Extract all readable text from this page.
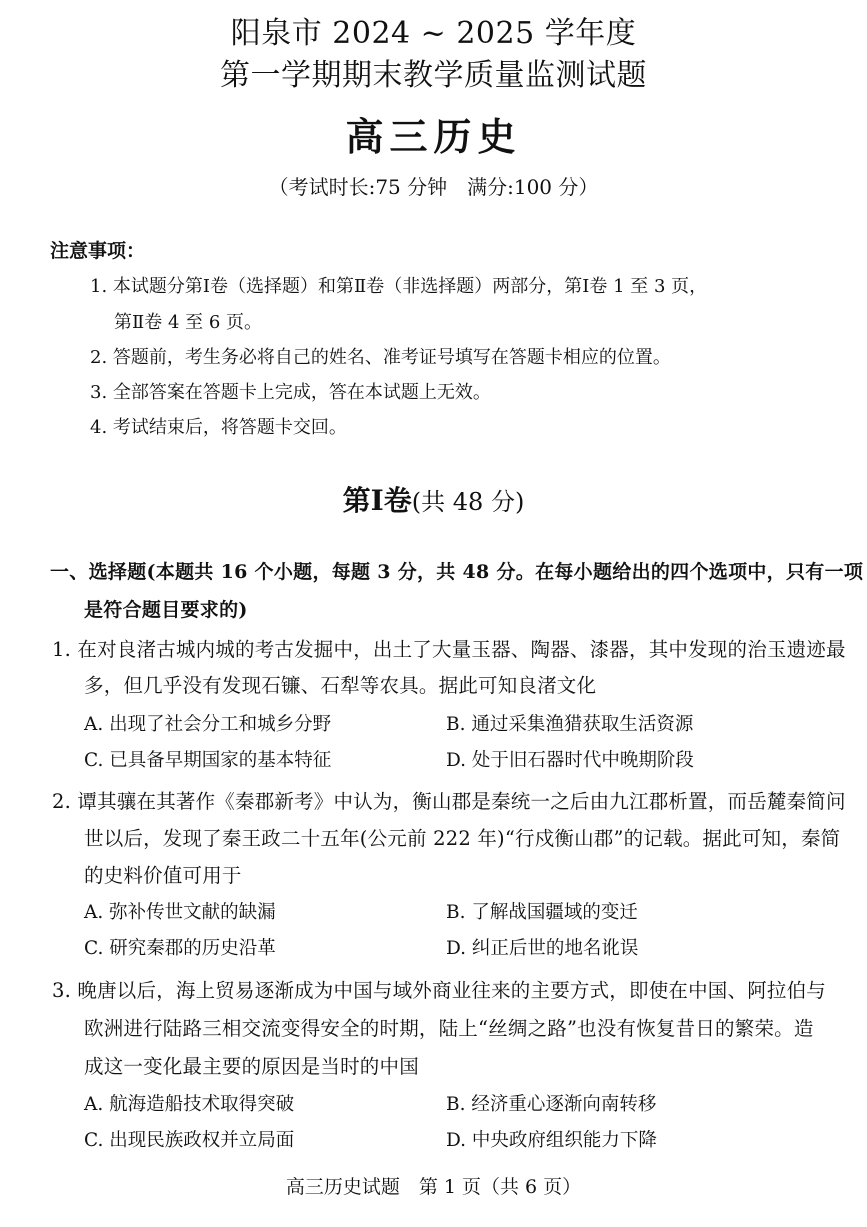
阳泉市 2024 ~ 2025 学年度
第一学期期末教学质量监测试题
高三历史
（考试时长:75 分钟　满分:100 分）
注意事项：
1. 本试题分第Ⅰ卷（选择题）和第Ⅱ卷（非选择题）两部分，第Ⅰ卷 1 至 3 页，
第Ⅱ卷 4 至 6 页。
2. 答题前，考生务必将自己的姓名、准考证号填写在答题卡相应的位置。
3. 全部答案在答题卡上完成，答在本试题上无效。
4. 考试结束后，将答题卡交回。
第Ⅰ卷(共 48 分)
一、选择题(本题共 16 个小题，每题 3 分，共 48 分。在每小题给出的四个选项中，只有一项
是符合题目要求的)
1. 在对良渚古城内城的考古发掘中，出土了大量玉器、陶器、漆器，其中发现的治玉遗迹最
多，但几乎没有发现石镰、石犁等农具。据此可知良渚文化
A. 出现了社会分工和城乡分野	B. 通过采集渔猎获取生活资源
C. 已具备早期国家的基本特征	D. 处于旧石器时代中晚期阶段
2. 谭其骧在其著作《秦郡新考》中认为，衡山郡是秦统一之后由九江郡析置，而岳麓秦简问
世以后，发现了秦王政二十五年(公元前 222 年)“行戍衡山郡”的记载。据此可知，秦简
的史料价值可用于
A. 弥补传世文献的缺漏	B. 了解战国疆域的变迁
C. 研究秦郡的历史沿革	D. 纠正后世的地名讹误
3. 晚唐以后，海上贸易逐渐成为中国与域外商业往来的主要方式，即使在中国、阿拉伯与
欧洲进行陆路三相交流变得安全的时期，陆上“丝绸之路”也没有恢复昔日的繁荣。造
成这一变化最主要的原因是当时的中国
A. 航海造船技术取得突破	B. 经济重心逐渐向南转移
C. 出现民族政权并立局面	D. 中央政府组织能力下降
高三历史试题　第 1 页（共 6 页）
